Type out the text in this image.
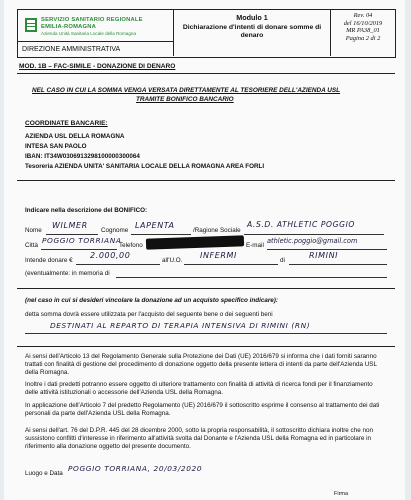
SERVIZIO SANITARIO REGIONALE
EMILIA-ROMAGNA
Azienda Unità Sanitaria Locale della Romagna
DIREZIONE AMMINISTRATIVA
Modulo 1
Dichiarazione d'intenti di donare somme di denaro
Rev. 04
del 16/10/2019
MR PA38_01
Pagina 2 di 2
MOD. 1B – FAC-SIMILE - DONAZIONE DI DENARO
NEL CASO IN CUI LA SOMMA VENGA VERSATA DIRETTAMENTE AL TESORIERE DELL'AZIENDA USL
TRAMITE BONIFICO BANCARIO
COORDINATE BANCARIE:
AZIENDA USL DELLA ROMAGNA
INTESA SAN PAOLO
IBAN: IT34W0306913298100000300064
Tesoreria AZIENDA UNITA' SANITARIA LOCALE DELLA ROMAGNA AREA FORLI
Indicare nella descrizione del BONIFICO:
Nome
WILMER
Cognome
LAPENTA
/Ragione Sociale
A.S.D. ATHLETIC POGGIO
Città
POGGIO TORRIANA
Telefono	E-mail
athletic.poggio@gmail.com
Intende donare €
2.000,00
all'U.O.
INFERMI
di
RIMINI
(eventualmente: in memoria di
(nel caso in cui si desideri vincolare la donazione ad un acquisto specifico indicare):
detta somma dovrà essere utilizzata per l'acquisto del seguente bene o dei seguenti beni
DESTINATI AL REPARTO DI TERAPIA INTENSIVA DI RIMINI (RN)
Ai sensi dell'Articolo 13 del Regolamento Generale sulla Protezione dei Dati (UE) 2016/679 si informa che i dati forniti saranno trattati con finalità di gestione del procedimento di donazione oggetto della presente lettera di intenti da parte dell'Azienda USL della Romagna.
Inoltre i dati predetti potranno essere oggetto di ulteriore trattamento con finalità di attività di ricerca fondi per il finanziamento delle attività istituzionali o accessorie dell'Azienda USL della Romagna.
In applicazione dell'Articolo 7 del predetto Regolamento (UE) 2016/679 il sottoscritto esprime il consenso al trattamento dei dati personali da parte dell'Azienda USL della Romagna.
Ai sensi dell'art. 76 del D.P.R. 445 del 28 dicembre 2000, sotto la propria responsabilità, il sottoscritto dichiara inoltre che non sussistono conflitti d'interesse in riferimento all'attività svolta dal Donante e l'Azienda USL della Romagna ed in particolare in riferimento alla donazione oggetto del presente documento.
Luogo e Data
POGGIO TORRIANA, 20/03/2020
Firma
